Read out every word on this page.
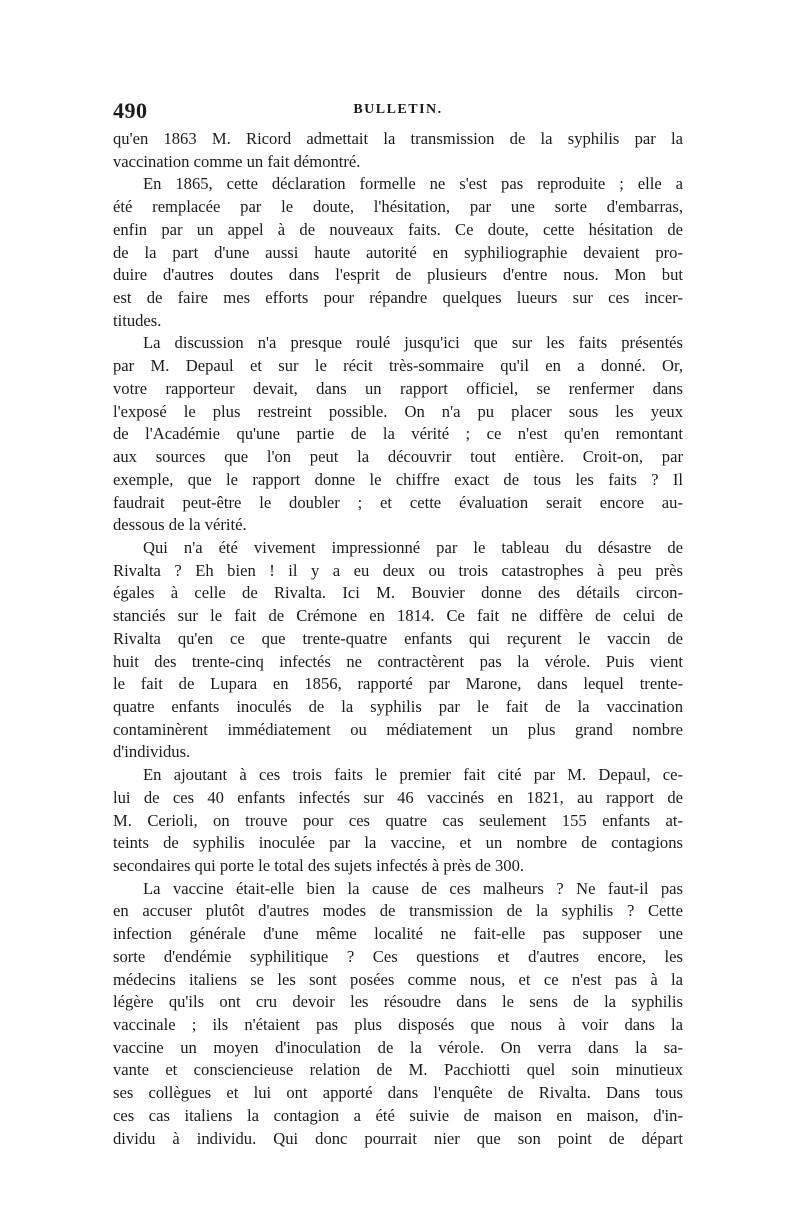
490	BULLETIN.
qu'en 1863 M. Ricord admettait la transmission de la syphilis par la
vaccination comme un fait démontré.
En 1865, cette déclaration formelle ne s'est pas reproduite ; elle a
été remplacée par le doute, l'hésitation, par une sorte d'embarras,
enfin par un appel à de nouveaux faits. Ce doute, cette hésitation de
de la part d'une aussi haute autorité en syphiliographie devaient pro-
duire d'autres doutes dans l'esprit de plusieurs d'entre nous. Mon but
est de faire mes efforts pour répandre quelques lueurs sur ces incer-
titudes.
La discussion n'a presque roulé jusqu'ici que sur les faits présentés
par M. Depaul et sur le récit très-sommaire qu'il en a donné. Or,
votre rapporteur devait, dans un rapport officiel, se renfermer dans
l'exposé le plus restreint possible. On n'a pu placer sous les yeux
de l'Académie qu'une partie de la vérité ; ce n'est qu'en remontant
aux sources que l'on peut la découvrir tout entière. Croit-on, par
exemple, que le rapport donne le chiffre exact de tous les faits ? Il
faudrait peut-être le doubler ; et cette évaluation serait encore au-
dessous de la vérité.
Qui n'a été vivement impressionné par le tableau du désastre de
Rivalta ? Eh bien ! il y a eu deux ou trois catastrophes à peu près
égales à celle de Rivalta. Ici M. Bouvier donne des détails circon-
stanciés sur le fait de Crémone en 1814. Ce fait ne diffère de celui de
Rivalta qu'en ce que trente-quatre enfants qui reçurent le vaccin de
huit des trente-cinq infectés ne contractèrent pas la vérole. Puis vient
le fait de Lupara en 1856, rapporté par Marone, dans lequel trente-
quatre enfants inoculés de la syphilis par le fait de la vaccination
contaminèrent immédiatement ou médiatement un plus grand nombre
d'individus.
En ajoutant à ces trois faits le premier fait cité par M. Depaul, ce-
lui de ces 40 enfants infectés sur 46 vaccinés en 1821, au rapport de
M. Cerioli, on trouve pour ces quatre cas seulement 155 enfants at-
teints de syphilis inoculée par la vaccine, et un nombre de contagions
secondaires qui porte le total des sujets infectés à près de 300.
La vaccine était-elle bien la cause de ces malheurs ? Ne faut-il pas
en accuser plutôt d'autres modes de transmission de la syphilis ? Cette
infection générale d'une même localité ne fait-elle pas supposer une
sorte d'endémie syphilitique ? Ces questions et d'autres encore, les
médecins italiens se les sont posées comme nous, et ce n'est pas à la
légère qu'ils ont cru devoir les résoudre dans le sens de la syphilis
vaccinale ; ils n'étaient pas plus disposés que nous à voir dans la
vaccine un moyen d'inoculation de la vérole. On verra dans la sa-
vante et consciencieuse relation de M. Pacchiotti quel soin minutieux
ses collègues et lui ont apporté dans l'enquête de Rivalta. Dans tous
ces cas italiens la contagion a été suivie de maison en maison, d'in-
dividu à individu. Qui donc pourrait nier que son point de départ
